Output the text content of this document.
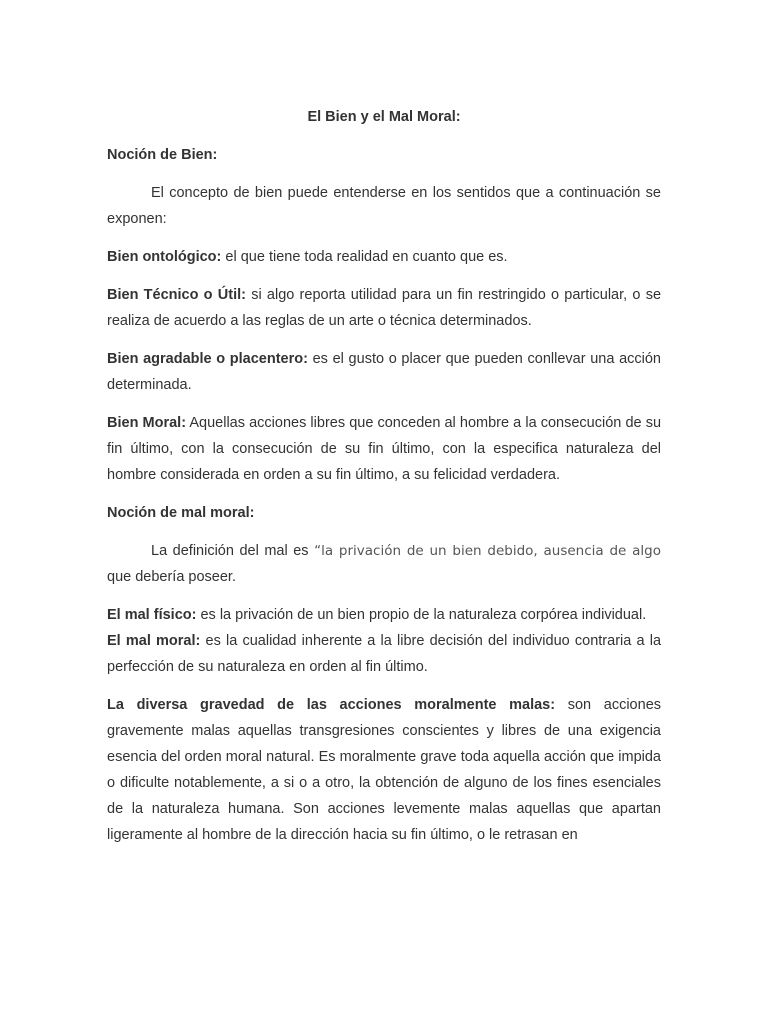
El Bien y el Mal Moral:
Noción de Bien:

El concepto de bien puede entenderse en los sentidos que a continuación se exponen:

Bien ontológico: el que tiene toda realidad en cuanto que es.

Bien Técnico o Útil: si algo reporta utilidad para un fin restringido o particular, o se realiza de acuerdo a las reglas de un arte o técnica determinados.

Bien agradable o placentero: es el gusto o placer que pueden conllevar una acción determinada.

Bien Moral: Aquellas acciones libres que conceden al hombre a la consecución de su fin último, con la consecución de su fin último, con la especifica naturaleza del hombre considerada en orden a su fin último, a su felicidad verdadera.

Noción de mal moral:

La definición del mal es “la privación de un bien debido, ausencia de algo que debería poseer.

El mal físico: es la privación de un bien propio de la naturaleza corpórea individual.

El mal moral: es la cualidad inherente a la libre decisión del individuo contraria a la perfección de su naturaleza en orden al fin último.

La diversa gravedad de las acciones moralmente malas: son acciones gravemente malas aquellas transgresiones conscientes y libres de una exigencia esencia del orden moral natural. Es moralmente grave toda aquella acción que impida o dificulte notablemente, a si o a otro, la obtención de alguno de los fines esenciales de la naturaleza humana. Son acciones levemente malas aquellas que apartan ligeramente al hombre de la dirección hacia su fin último, o le retrasan en
